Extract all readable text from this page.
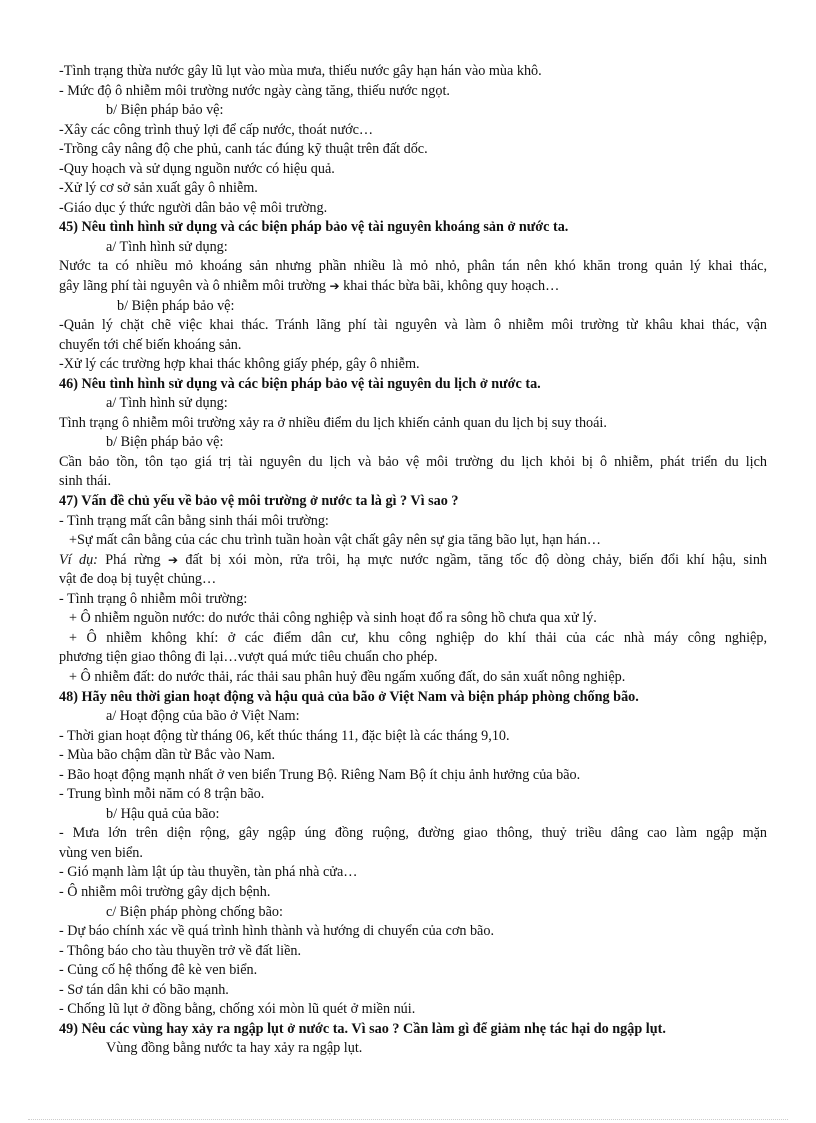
-Tình trạng thừa nước gây lũ lụt vào mùa mưa, thiếu nước gây hạn hán vào mùa khô.
- Mức độ ô nhiễm môi trường nước ngày càng tăng, thiếu nước ngọt.
b/ Biện pháp bảo vệ:
-Xây các công trình thuỷ lợi để cấp nước, thoát nước…
-Trồng cây nâng độ che phủ, canh tác đúng kỹ thuật trên đất dốc.
-Quy hoạch và sử dụng nguồn nước có hiệu quả.
-Xử lý cơ sở sản xuất gây ô nhiễm.
-Giáo dục ý thức người dân bảo vệ môi trường.
45) Nêu tình hình sử dụng và các biện pháp bảo vệ tài nguyên khoáng sản ở nước ta.
a/ Tình hình sử dụng:
Nước ta có nhiều mỏ khoáng sản nhưng phần nhiều là mỏ nhỏ, phân tán nên khó khăn trong quản lý khai thác,
gây lãng phí tài nguyên và ô nhiễm môi trường ➔ khai thác bừa bãi, không quy hoạch…
b/ Biện pháp bảo vệ:
-Quản lý chặt chẽ việc khai thác. Tránh lãng phí tài nguyên và làm ô nhiễm môi trường từ khâu khai thác, vận
chuyển tới chế biến khoáng sản.
-Xử lý các trường hợp khai thác không giấy phép, gây ô nhiễm.
46) Nêu tình hình sử dụng và các biện pháp bảo vệ tài nguyên du lịch ở nước ta.
a/ Tình hình sử dụng:
Tình trạng ô nhiễm môi trường xảy ra ở nhiều điểm du lịch khiến cảnh quan du lịch bị suy thoái.
b/ Biện pháp bảo vệ:
Cần bảo tồn, tôn tạo giá trị tài nguyên du lịch và bảo vệ môi trường du lịch khỏi bị ô nhiễm, phát triển du lịch
sinh thái.
47) Vấn đề chủ yếu về bảo vệ môi trường ở nước ta là gì ? Vì sao ?
- Tình trạng mất cân bằng sinh thái môi trường:
+Sự mất cân bằng của các chu trình tuần hoàn vật chất gây nên sự gia tăng bão lụt, hạn hán…
Ví dụ: Phá rừng ➔ đất bị xói mòn, rửa trôi, hạ mực nước ngầm, tăng tốc độ dòng chảy, biến đổi khí hậu, sinh
vật đe doạ bị tuyệt chủng…
- Tình trạng ô nhiễm môi trường:
+ Ô nhiễm nguồn nước: do nước thải công nghiệp và sinh hoạt đổ ra sông hồ chưa qua xử lý.
+ Ô nhiễm không khí: ở các điểm dân cư, khu công nghiệp do khí thải của các nhà máy công nghiệp,
phương tiện giao thông đi lại…vượt quá mức tiêu chuẩn cho phép.
+ Ô nhiễm đất: do nước thải, rác thải sau phân huỷ đều ngấm xuống đất, do sản xuất nông nghiệp.
48) Hãy nêu thời gian hoạt động và hậu quả của bão ở Việt Nam và biện pháp phòng chống bão.
a/ Hoạt động của bão ở Việt Nam:
- Thời gian hoạt động từ tháng 06, kết thúc tháng 11, đặc biệt là các tháng 9,10.
- Mùa bão chậm dần từ Bắc vào Nam.
- Bão hoạt động mạnh nhất ở ven biển Trung Bộ. Riêng Nam Bộ ít chịu ảnh hưởng của bão.
- Trung bình mỗi năm có 8 trận bão.
b/ Hậu quả của bão:
- Mưa lớn trên diện rộng, gây ngập úng đồng ruộng, đường giao thông, thuỷ triều dâng cao làm ngập mặn
vùng ven biển.
- Gió mạnh làm lật úp tàu thuyền, tàn phá nhà cửa…
- Ô nhiễm môi trường gây dịch bệnh.
c/ Biện pháp phòng chống bão:
- Dự báo chính xác về quá trình hình thành và hướng di chuyển của cơn bão.
- Thông báo cho tàu thuyền trở về đất liền.
- Củng cố hệ thống đê kè ven biển.
- Sơ tán dân khi có bão mạnh.
- Chống lũ lụt ở đồng bằng, chống xói mòn lũ quét ở miền núi.
49) Nêu các vùng hay xảy ra ngập lụt ở nước ta. Vì sao ? Cần làm gì để giảm nhẹ tác hại do ngập lụt.
Vùng đồng bằng nước ta hay xảy ra ngập lụt.
